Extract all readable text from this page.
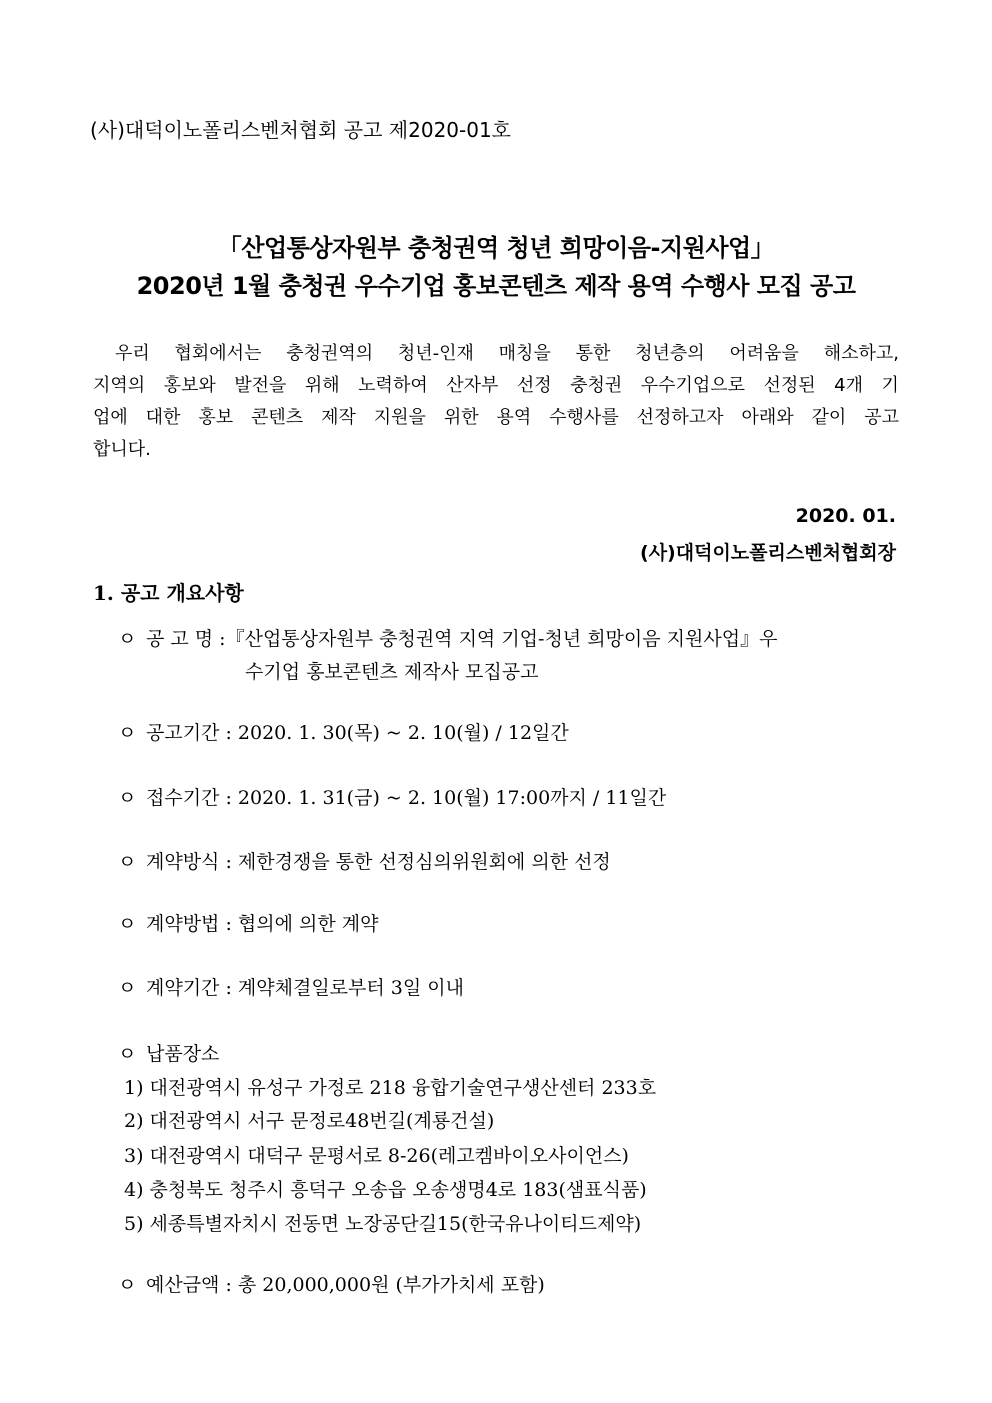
(사)대덕이노폴리스벤처협회 공고 제2020-01호
「산업통상자원부 충청권역 청년 희망이음-지원사업」
2020년 1월 충청권 우수기업 홍보콘텐츠 제작 용역 수행사 모집 공고
우리 협회에서는 충청권역의 청년-인재 매칭을 통한 청년층의 어려움을 해소하고,
지역의 홍보와 발전을 위해 노력하여 산자부 선정 충청권 우수기업으로 선정된 4개 기
업에 대한 홍보 콘텐츠 제작 지원을 위한 용역 수행사를 선정하고자 아래와 같이 공고
합니다.
2020. 01.
(사)대덕이노폴리스벤처협회장
1. 공고 개요사항
ㅇ 공 고 명 :『산업통상자원부 충청권역 지역 기업-청년 희망이음 지원사업』우
수기업 홍보콘텐츠 제작사 모집공고
ㅇ 공고기간 : 2020. 1. 30(목) ~ 2. 10(월) / 12일간
ㅇ 접수기간 : 2020. 1. 31(금) ~ 2. 10(월) 17:00까지 / 11일간
ㅇ 계약방식 : 제한경쟁을 통한 선정심의위원회에 의한 선정
ㅇ 계약방법 : 협의에 의한 계약
ㅇ 계약기간 : 계약체결일로부터 3일 이내
ㅇ 납품장소
1) 대전광역시 유성구 가정로 218 융합기술연구생산센터 233호
2) 대전광역시 서구 문정로48번길(계룡건설)
3) 대전광역시 대덕구 문평서로 8-26(레고켐바이오사이언스)
4) 충청북도 청주시 흥덕구 오송읍 오송생명4로 183(샘표식품)
5) 세종특별자치시 전동면 노장공단길15(한국유나이티드제약)
ㅇ 예산금액 : 총 20,000,000원 (부가가치세 포함)
